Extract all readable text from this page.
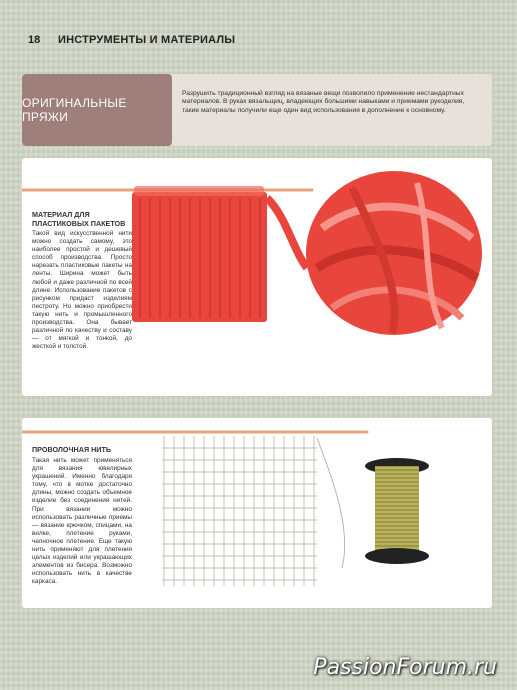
18	ИНСТРУМЕНТЫ И МАТЕРИАЛЫ
ОРИГИНАЛЬНЫЕ ПРЯЖИ
Разрушить традиционный взгляд на вязаные вещи позволило применение нестандартных материалов. В руках вязальщиц, владеющих большими навыками и приемами рукоделия, такие материалы получили еще один вид использования в дополнение к основному.
МАТЕРИАЛ ДЛЯ ПЛАСТИКОВЫХ ПАКЕТОВ
Такой вид искусственной нити можно создать самому, это наиболее простой и дешевый способ производства. Просто нарезать пластиковые пакеты на ленты. Ширина может быть любой и даже различной по всей длине. Использование пакетов с рисунком придаст изделиям пестроту. Но можно приобрести такую нить и промышленного производства. Она бывает различной по качеству и составу — от мягкой и тонкой, до жесткой и толстой.
ПРОВОЛОЧНАЯ НИТЬ
Такая нить может применяться для вязания ювелирных украшений. Именно благодаря тому, что в мотке достаточно длины, можно создать объемное изделие без соединения нитей. При вязании можно использовать различные приемы — вязание крючком, спицами, на вилке, плетение руками, челночное плетение. Еще такую нить применяют для плетения целых изделий или украшающих элементов из бисера. Возможно использовать нить в качестве каркаса.
PassionForum.ru
